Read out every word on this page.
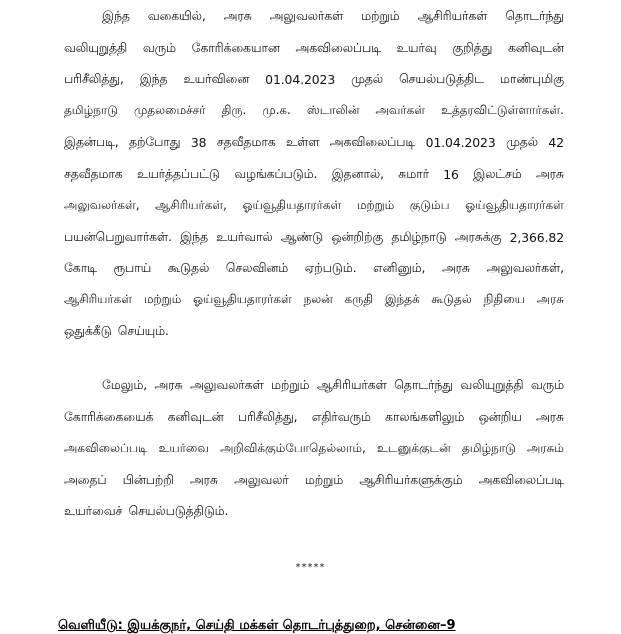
இந்த வகையில், அரசு அலுவலர்கள் மற்றும் ஆசிரியர்கள் தொடர்ந்து
வலியுறுத்தி வரும் கோரிக்கையான அகவிலைப்படி உயர்வு குறித்து கனிவுடன்
பரிசீலித்து, இந்த உயர்வினை 01.04.2023 முதல் செயல்படுத்திட மாண்புமிகு
தமிழ்நாடு முதலமைச்சர் திரு. மு.க. ஸ்டாலின் அவர்கள் உத்தரவிட்டுள்ளார்கள்.
இதன்படி, தற்போது 38 சதவீதமாக உள்ள அகவிலைப்படி 01.04.2023 முதல் 42
சதவீதமாக உயர்த்தப்பட்டு வழங்கப்படும். இதனால், சுமார் 16 இலட்சம் அரசு
அலுவலர்கள், ஆசிரியர்கள், ஓய்வூதியதாரர்கள் மற்றும் குடும்ப ஓய்வூதியதாரர்கள்
பயன்பெறுவார்கள். இந்த உயர்வால் ஆண்டு ஒன்றிற்கு தமிழ்நாடு அரசுக்கு 2,366.82
கோடி ரூபாய் கூடுதல் செலவினம் ஏற்படும். எனினும், அரசு அலுவலர்கள்,
ஆசிரியர்கள் மற்றும் ஓய்வூதியதாரர்கள் நலன் கருதி இந்தக் கூடுதல் நிதியை அரசு
ஒதுக்கீடு செய்யும்.
மேலும், அரசு அலுவலர்கள் மற்றும் ஆசிரியர்கள் தொடர்ந்து வலியுறுத்தி வரும்
கோரிக்கையைக் கனிவுடன் பரிசீலித்து, எதிர்வரும் காலங்களிலும் ஒன்றிய அரசு
அகவிலைப்படி உயர்வை அறிவிக்கும்போதெல்லாம், உடனுக்குடன் தமிழ்நாடு அரசும்
அதைப் பின்பற்றி அரசு அலுவலர் மற்றும் ஆசிரியர்களுக்கும் அகவிலைப்படி
உயர்வைச் செயல்படுத்திடும்.
*****
வெளியீடு: இயக்குநர், செய்தி மக்கள் தொடர்புத்துறை, சென்னை–9
